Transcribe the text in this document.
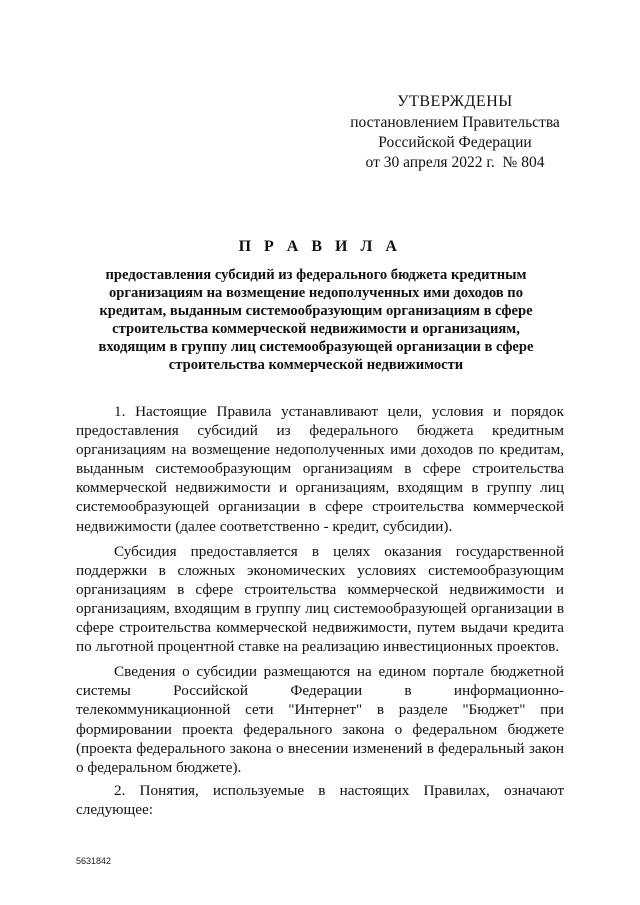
УТВЕРЖДЕНЫ
постановлением Правительства
Российской Федерации
от 30 апреля 2022 г.  № 804
П Р А В И Л А
предоставления субсидий из федерального бюджета кредитным организациям на возмещение недополученных ими доходов по кредитам, выданным системообразующим организациям в сфере строительства коммерческой недвижимости и организациям, входящим в группу лиц системообразующей организации в сфере строительства коммерческой недвижимости

1. Настоящие Правила устанавливают цели, условия и порядок предоставления субсидий из федерального бюджета кредитным организациям на возмещение недополученных ими доходов по кредитам, выданным системообразующим организациям в сфере строительства коммерческой недвижимости и организациям, входящим в группу лиц системообразующей организации в сфере строительства коммерческой недвижимости (далее соответственно - кредит, субсидии).

Субсидия предоставляется в целях оказания государственной поддержки в сложных экономических условиях системообразующим организациям в сфере строительства коммерческой недвижимости и организациям, входящим в группу лиц системообразующей организации в сфере строительства коммерческой недвижимости, путем выдачи кредита по льготной процентной ставке на реализацию инвестиционных проектов.

Сведения о субсидии размещаются на едином портале бюджетной системы Российской Федерации в информационно-телекоммуникационной сети "Интернет" в разделе "Бюджет" при формировании проекта федерального закона о федеральном бюджете (проекта федерального закона о внесении изменений в федеральный закон о федеральном бюджете).

2. Понятия, используемые в настоящих Правилах, означают следующее:

5631842
